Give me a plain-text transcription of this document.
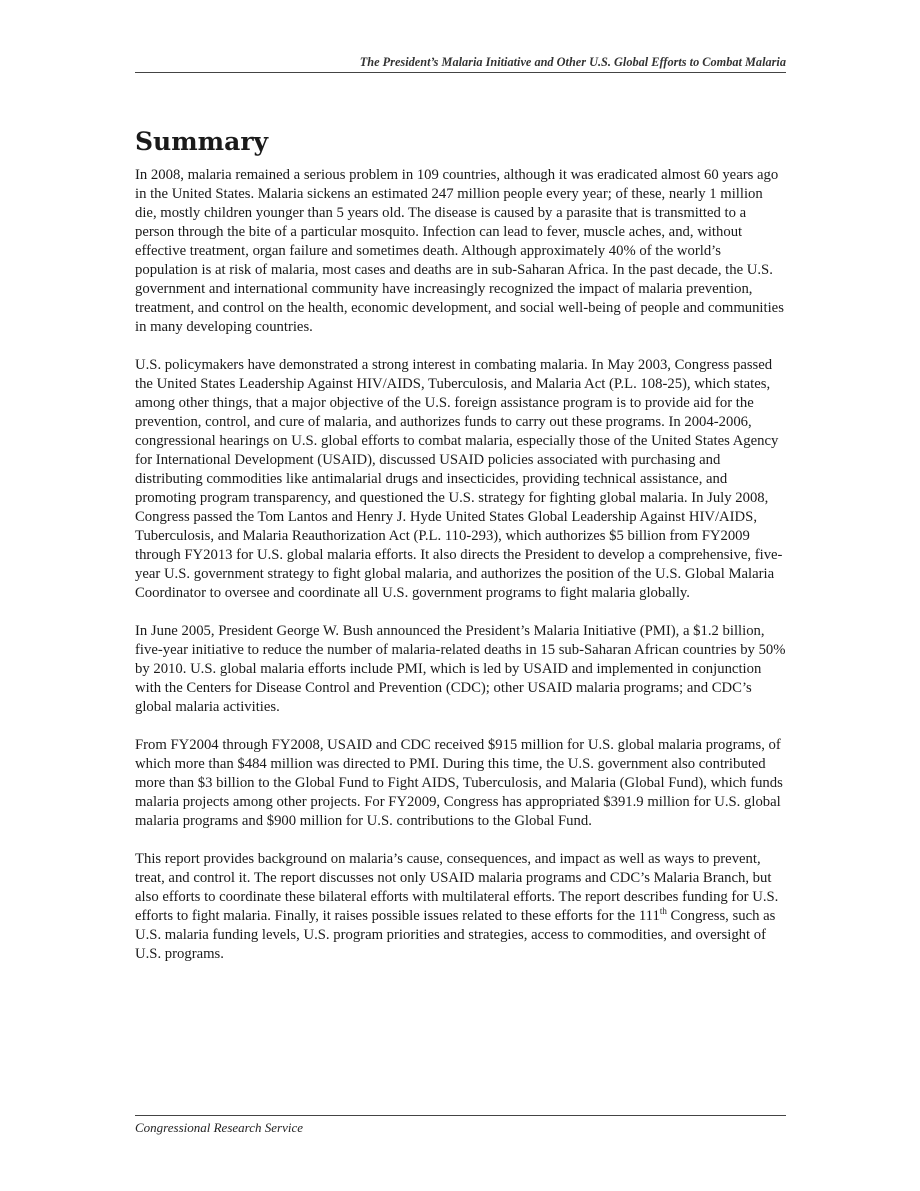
The President’s Malaria Initiative and Other U.S. Global Efforts to Combat Malaria
Summary

In 2008, malaria remained a serious problem in 109 countries, although it was eradicated almost 60 years ago in the United States. Malaria sickens an estimated 247 million people every year; of these, nearly 1 million die, mostly children younger than 5 years old. The disease is caused by a parasite that is transmitted to a person through the bite of a particular mosquito. Infection can lead to fever, muscle aches, and, without effective treatment, organ failure and sometimes death. Although approximately 40% of the world’s population is at risk of malaria, most cases and deaths are in sub-Saharan Africa. In the past decade, the U.S. government and international community have increasingly recognized the impact of malaria prevention, treatment, and control on the health, economic development, and social well-being of people and communities in many developing countries.

U.S. policymakers have demonstrated a strong interest in combating malaria. In May 2003, Congress passed the United States Leadership Against HIV/AIDS, Tuberculosis, and Malaria Act (P.L. 108-25), which states, among other things, that a major objective of the U.S. foreign assistance program is to provide aid for the prevention, control, and cure of malaria, and authorizes funds to carry out these programs. In 2004-2006, congressional hearings on U.S. global efforts to combat malaria, especially those of the United States Agency for International Development (USAID), discussed USAID policies associated with purchasing and distributing commodities like antimalarial drugs and insecticides, providing technical assistance, and promoting program transparency, and questioned the U.S. strategy for fighting global malaria. In July 2008, Congress passed the Tom Lantos and Henry J. Hyde United States Global Leadership Against HIV/AIDS, Tuberculosis, and Malaria Reauthorization Act (P.L. 110-293), which authorizes $5 billion from FY2009 through FY2013 for U.S. global malaria efforts. It also directs the President to develop a comprehensive, five-year U.S. government strategy to fight global malaria, and authorizes the position of the U.S. Global Malaria Coordinator to oversee and coordinate all U.S. government programs to fight malaria globally.

In June 2005, President George W. Bush announced the President’s Malaria Initiative (PMI), a $1.2 billion, five-year initiative to reduce the number of malaria-related deaths in 15 sub-Saharan African countries by 50% by 2010. U.S. global malaria efforts include PMI, which is led by USAID and implemented in conjunction with the Centers for Disease Control and Prevention (CDC); other USAID malaria programs; and CDC’s global malaria activities.

From FY2004 through FY2008, USAID and CDC received $915 million for U.S. global malaria programs, of which more than $484 million was directed to PMI. During this time, the U.S. government also contributed more than $3 billion to the Global Fund to Fight AIDS, Tuberculosis, and Malaria (Global Fund), which funds malaria projects among other projects. For FY2009, Congress has appropriated $391.9 million for U.S. global malaria programs and $900 million for U.S. contributions to the Global Fund.

This report provides background on malaria’s cause, consequences, and impact as well as ways to prevent, treat, and control it. The report discusses not only USAID malaria programs and CDC’s Malaria Branch, but also efforts to coordinate these bilateral efforts with multilateral efforts. The report describes funding for U.S. efforts to fight malaria. Finally, it raises possible issues related to these efforts for the 111th Congress, such as U.S. malaria funding levels, U.S. program priorities and strategies, access to commodities, and oversight of U.S. programs.

Congressional Research Service
